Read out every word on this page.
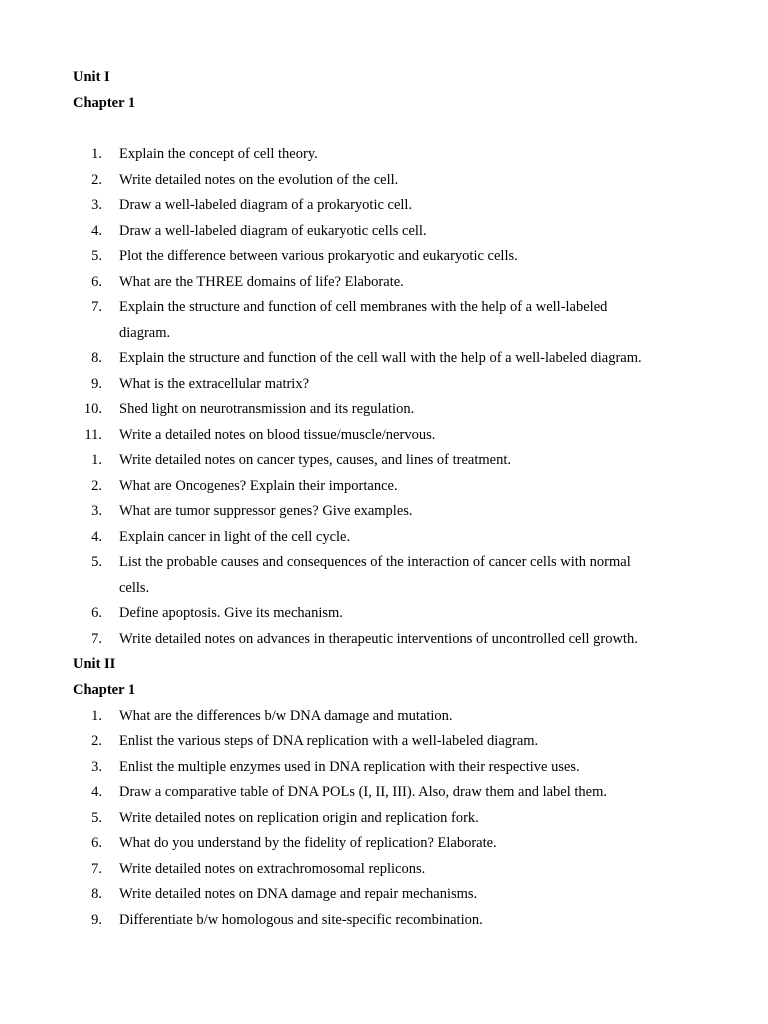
Unit I
Chapter 1
1. Explain the concept of cell theory.
2. Write detailed notes on the evolution of the cell.
3. Draw a well-labeled diagram of a prokaryotic cell.
4. Draw a well-labeled diagram of eukaryotic cells cell.
5. Plot the difference between various prokaryotic and eukaryotic cells.
6. What are the THREE domains of life? Elaborate.
7. Explain the structure and function of cell membranes with the help of a well-labeled
diagram.
8. Explain the structure and function of the cell wall with the help of a well-labeled diagram.
9. What is the extracellular matrix?
10. Shed light on neurotransmission and its regulation.
11. Write a detailed notes on blood tissue/muscle/nervous.
1. Write detailed notes on cancer types, causes, and lines of treatment.
2. What are Oncogenes? Explain their importance.
3. What are tumor suppressor genes? Give examples.
4. Explain cancer in light of the cell cycle.
5. List the probable causes and consequences of the interaction of cancer cells with normal
cells.
6. Define apoptosis. Give its mechanism.
7. Write detailed notes on advances in therapeutic interventions of uncontrolled cell growth.
Unit II
Chapter 1
1. What are the differences b/w DNA damage and mutation.
2. Enlist the various steps of DNA replication with a well-labeled diagram.
3. Enlist the multiple enzymes used in DNA replication with their respective uses.
4. Draw a comparative table of DNA POLs (I, II, III). Also, draw them and label them.
5. Write detailed notes on replication origin and replication fork.
6. What do you understand by the fidelity of replication? Elaborate.
7. Write detailed notes on extrachromosomal replicons.
8. Write detailed notes on DNA damage and repair mechanisms.
9. Differentiate b/w homologous and site-specific recombination.
